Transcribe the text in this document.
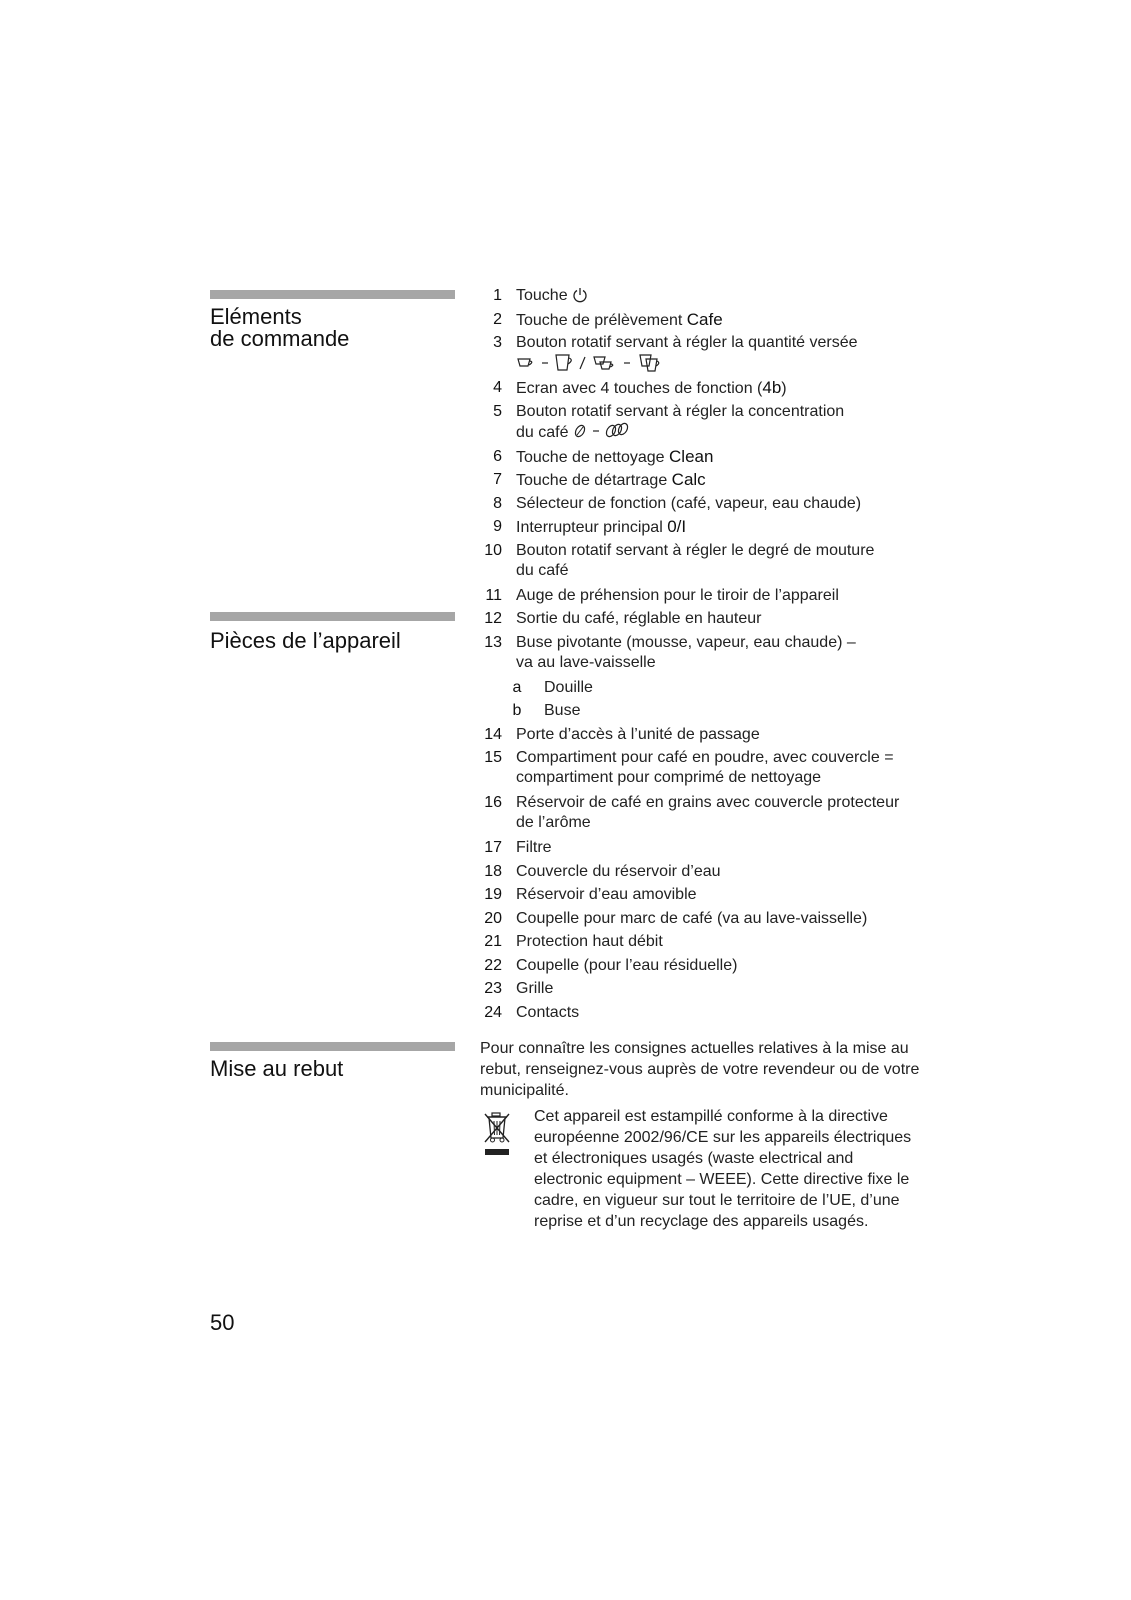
Eléments
de commande
Pièces de l’appareil
Mise au rebut
1 Touche
2 Touche de prélèvement Cafe
3 Bouton rotatif servant à régler la quantité versée
4 Ecran avec 4 touches de fonction (4b)
5 Bouton rotatif servant à régler la concentration
du café
6 Touche de nettoyage Clean
7 Touche de détartrage Calc
8 Sélecteur de fonction (café, vapeur, eau chaude)
9 Interrupteur principal 0/I
10 Bouton rotatif servant à régler le degré de mouture
du café
11 Auge de préhension pour le tiroir de l’appareil
12 Sortie du café, réglable en hauteur
13 Buse pivotante (mousse, vapeur, eau chaude) –
va au lave-vaisselle
a Douille
b Buse
14 Porte d’accès à l’unité de passage
15 Compartiment pour café en poudre, avec couvercle =
compartiment pour comprimé de nettoyage
16 Réservoir de café en grains avec couvercle protecteur
de l’arôme
17 Filtre
18 Couvercle du réservoir d’eau
19 Réservoir d’eau amovible
20 Coupelle pour marc de café (va au lave-vaisselle)
21 Protection haut débit
22 Coupelle (pour l’eau résiduelle)
23 Grille
24 Contacts

Pour connaître les consignes actuelles relatives à la mise au rebut, renseignez-vous auprès de votre revendeur ou de votre municipalité.

Cet appareil est estampillé conforme à la directive européenne 2002/96/CE sur les appareils électriques et électroniques usagés (waste electrical and electronic equipment – WEEE). Cette directive fixe le cadre, en vigueur sur tout le territoire de l’UE, d’une reprise et d’un recyclage des appareils usagés.

50
